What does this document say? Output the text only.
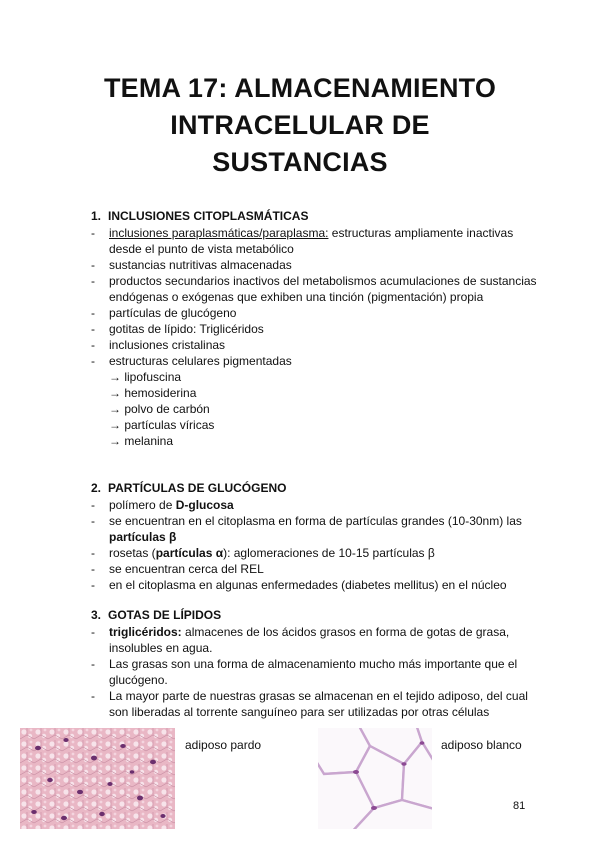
TEMA 17: ALMACENAMIENTO
INTRACELULAR DE
SUSTANCIAS
1. INCLUSIONES CITOPLASMÁTICAS
- inclusiones paraplasmáticas/paraplasma: estructuras ampliamente inactivas desde el punto de vista metabólico
- sustancias nutritivas almacenadas
- productos secundarios inactivos del metabolismos acumulaciones de sustancias endógenas o exógenas que exhiben una tinción (pigmentación) propia
- partículas de glucógeno
- gotitas de lípido: Triglicéridos
- inclusiones cristalinas
- estructuras celulares pigmentadas
→ lipofuscina
→ hemosiderina
→ polvo de carbón
→ partículas víricas
→ melanina
2. PARTÍCULAS DE GLUCÓGENO
- polímero de D-glucosa
- se encuentran en el citoplasma en forma de partículas grandes (10-30nm) las partículas β
- rosetas (partículas α): aglomeraciones de 10-15 partículas β
- se encuentran cerca del REL
- en el citoplasma en algunas enfermedades (diabetes mellitus) en el núcleo
3. GOTAS DE LÍPIDOS
- triglicéridos: almacenes de los ácidos grasos en forma de gotas de grasa, insolubles en agua.
- Las grasas son una forma de almacenamiento mucho más importante que el glucógeno.
- La mayor parte de nuestras grasas se almacenan en el tejido adiposo, del cual son liberadas al torrente sanguíneo para ser utilizadas por otras células
adiposo pardo	adiposo blanco
81
